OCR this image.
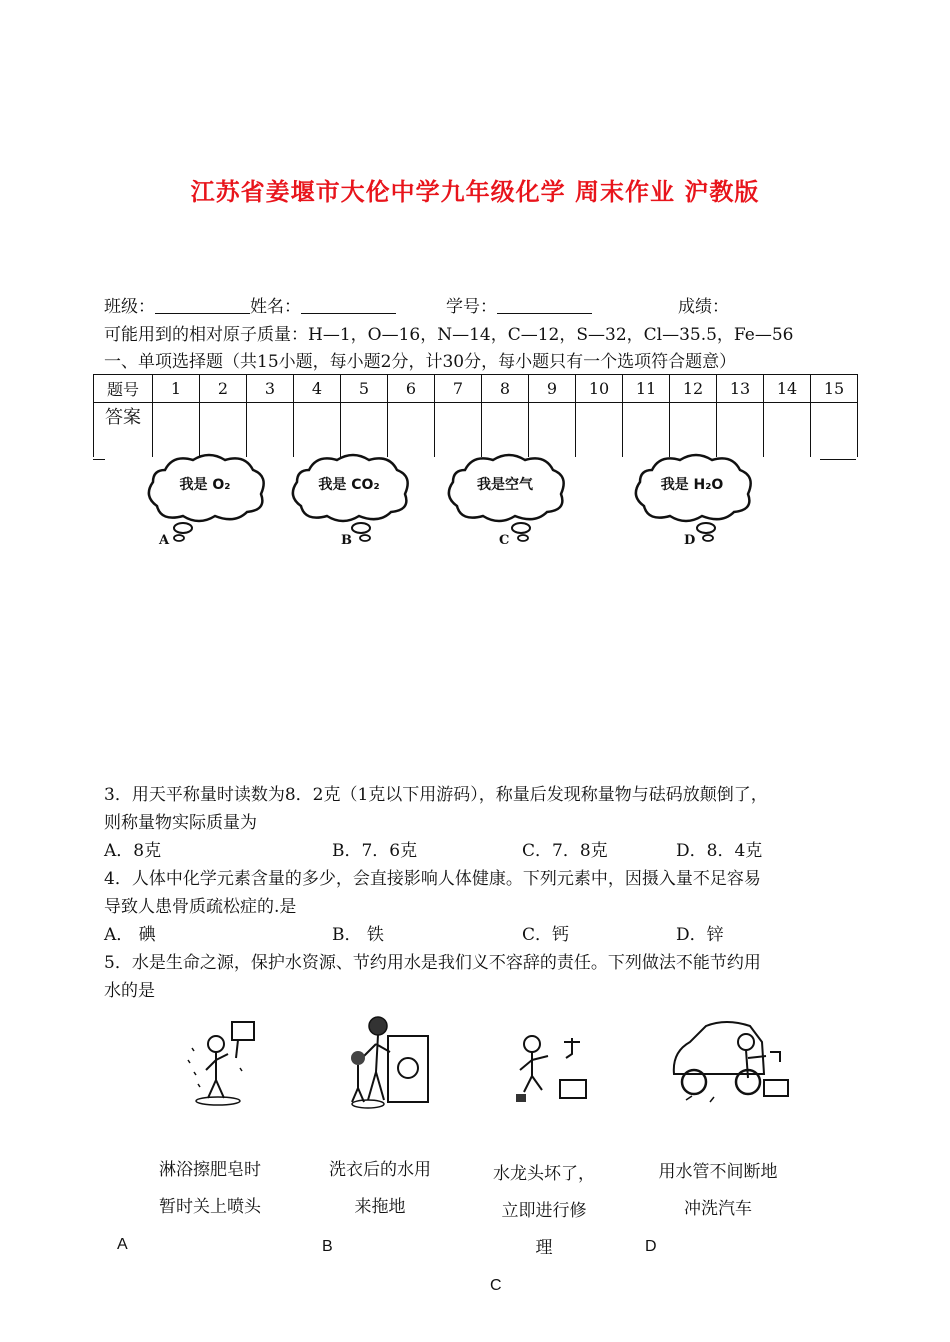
江苏省姜堰市大伦中学九年级化学 周末作业 沪教版
班级：	姓名：	学号：	成绩：
可能用到的相对原子质量：H—1，O—16，N—14，C—12，S—32，Cl—35.5，Fe—56
一、单项选择题（共15小题，每小题2分，计30分，每小题只有一个选项符合题意）
题号	1	2	3	4	5	6	7	8	9	10	11	12	13	14	15
答案															
我是 O₂
A
我是 CO₂
B
我是空气
C
我是 H₂O
D
3．用天平称量时读数为8．2克（1克以下用游码），称量后发现称量物与砝码放颠倒了，
则称量物实际质量为
A．8克	B．7．6克	C．7．8克	D．8．4克
4．人体中化学元素含量的多少，会直接影响人体健康。下列元素中，因摄入量不足容易
导致人患骨质疏松症的.是
A． 碘	B． 铁	C．钙	D．锌
5．水是生命之源，保护水资源、节约用水是我们义不容辞的责任。下列做法不能节约用
水的是
淋浴擦肥皂时
暂时关上喷头
洗衣后的水用
来拖地
水龙头坏了，
立即进行修
理
用水管不间断地
冲洗汽车
A	B
C
D
